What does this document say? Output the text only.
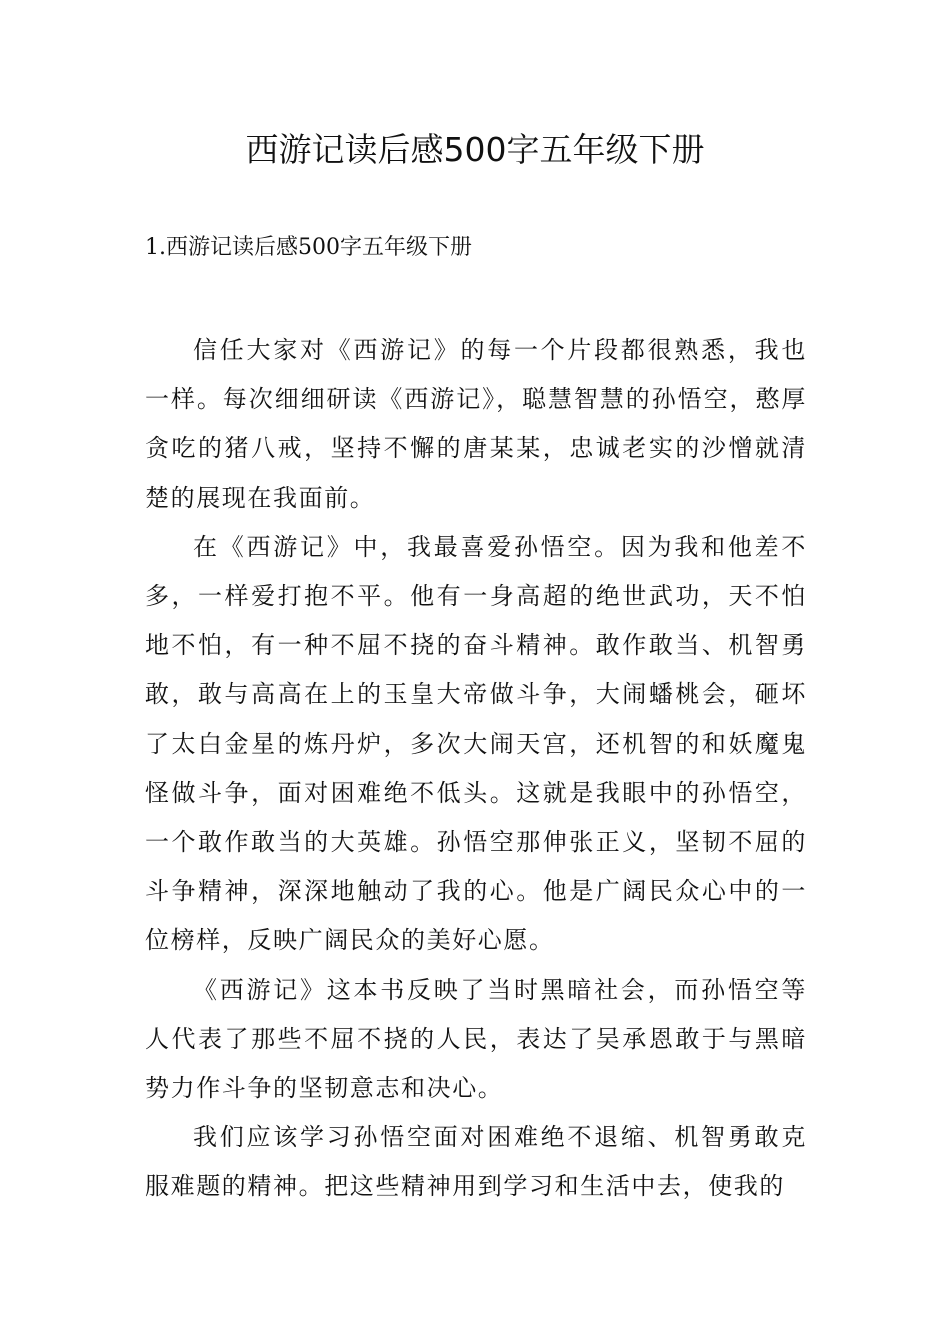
西游记读后感500字五年级下册
1.西游记读后感500字五年级下册

信任大家对《西游记》的每一个片段都很熟悉，我也一样。每次细细研读《西游记》，聪慧智慧的孙悟空，憨厚贪吃的猪八戒，坚持不懈的唐某某，忠诚老实的沙憎就清楚的展现在我面前。

在《西游记》中，我最喜爱孙悟空。因为我和他差不多，一样爱打抱不平。他有一身高超的绝世武功，天不怕地不怕，有一种不屈不挠的奋斗精神。敢作敢当、机智勇敢，敢与高高在上的玉皇大帝做斗争，大闹蟠桃会，砸坏了太白金星的炼丹炉，多次大闹天宫，还机智的和妖魔鬼怪做斗争，面对困难绝不低头。这就是我眼中的孙悟空，一个敢作敢当的大英雄。孙悟空那伸张正义，坚韧不屈的斗争精神，深深地触动了我的心。他是广阔民众心中的一位榜样，反映广阔民众的美好心愿。

《西游记》这本书反映了当时黑暗社会，而孙悟空等人代表了那些不屈不挠的人民，表达了吴承恩敢于与黑暗势力作斗争的坚韧意志和决心。

我们应该学习孙悟空面对困难绝不退缩、机智勇敢克服难题的精神。把这些精神用到学习和生活中去，使我的
